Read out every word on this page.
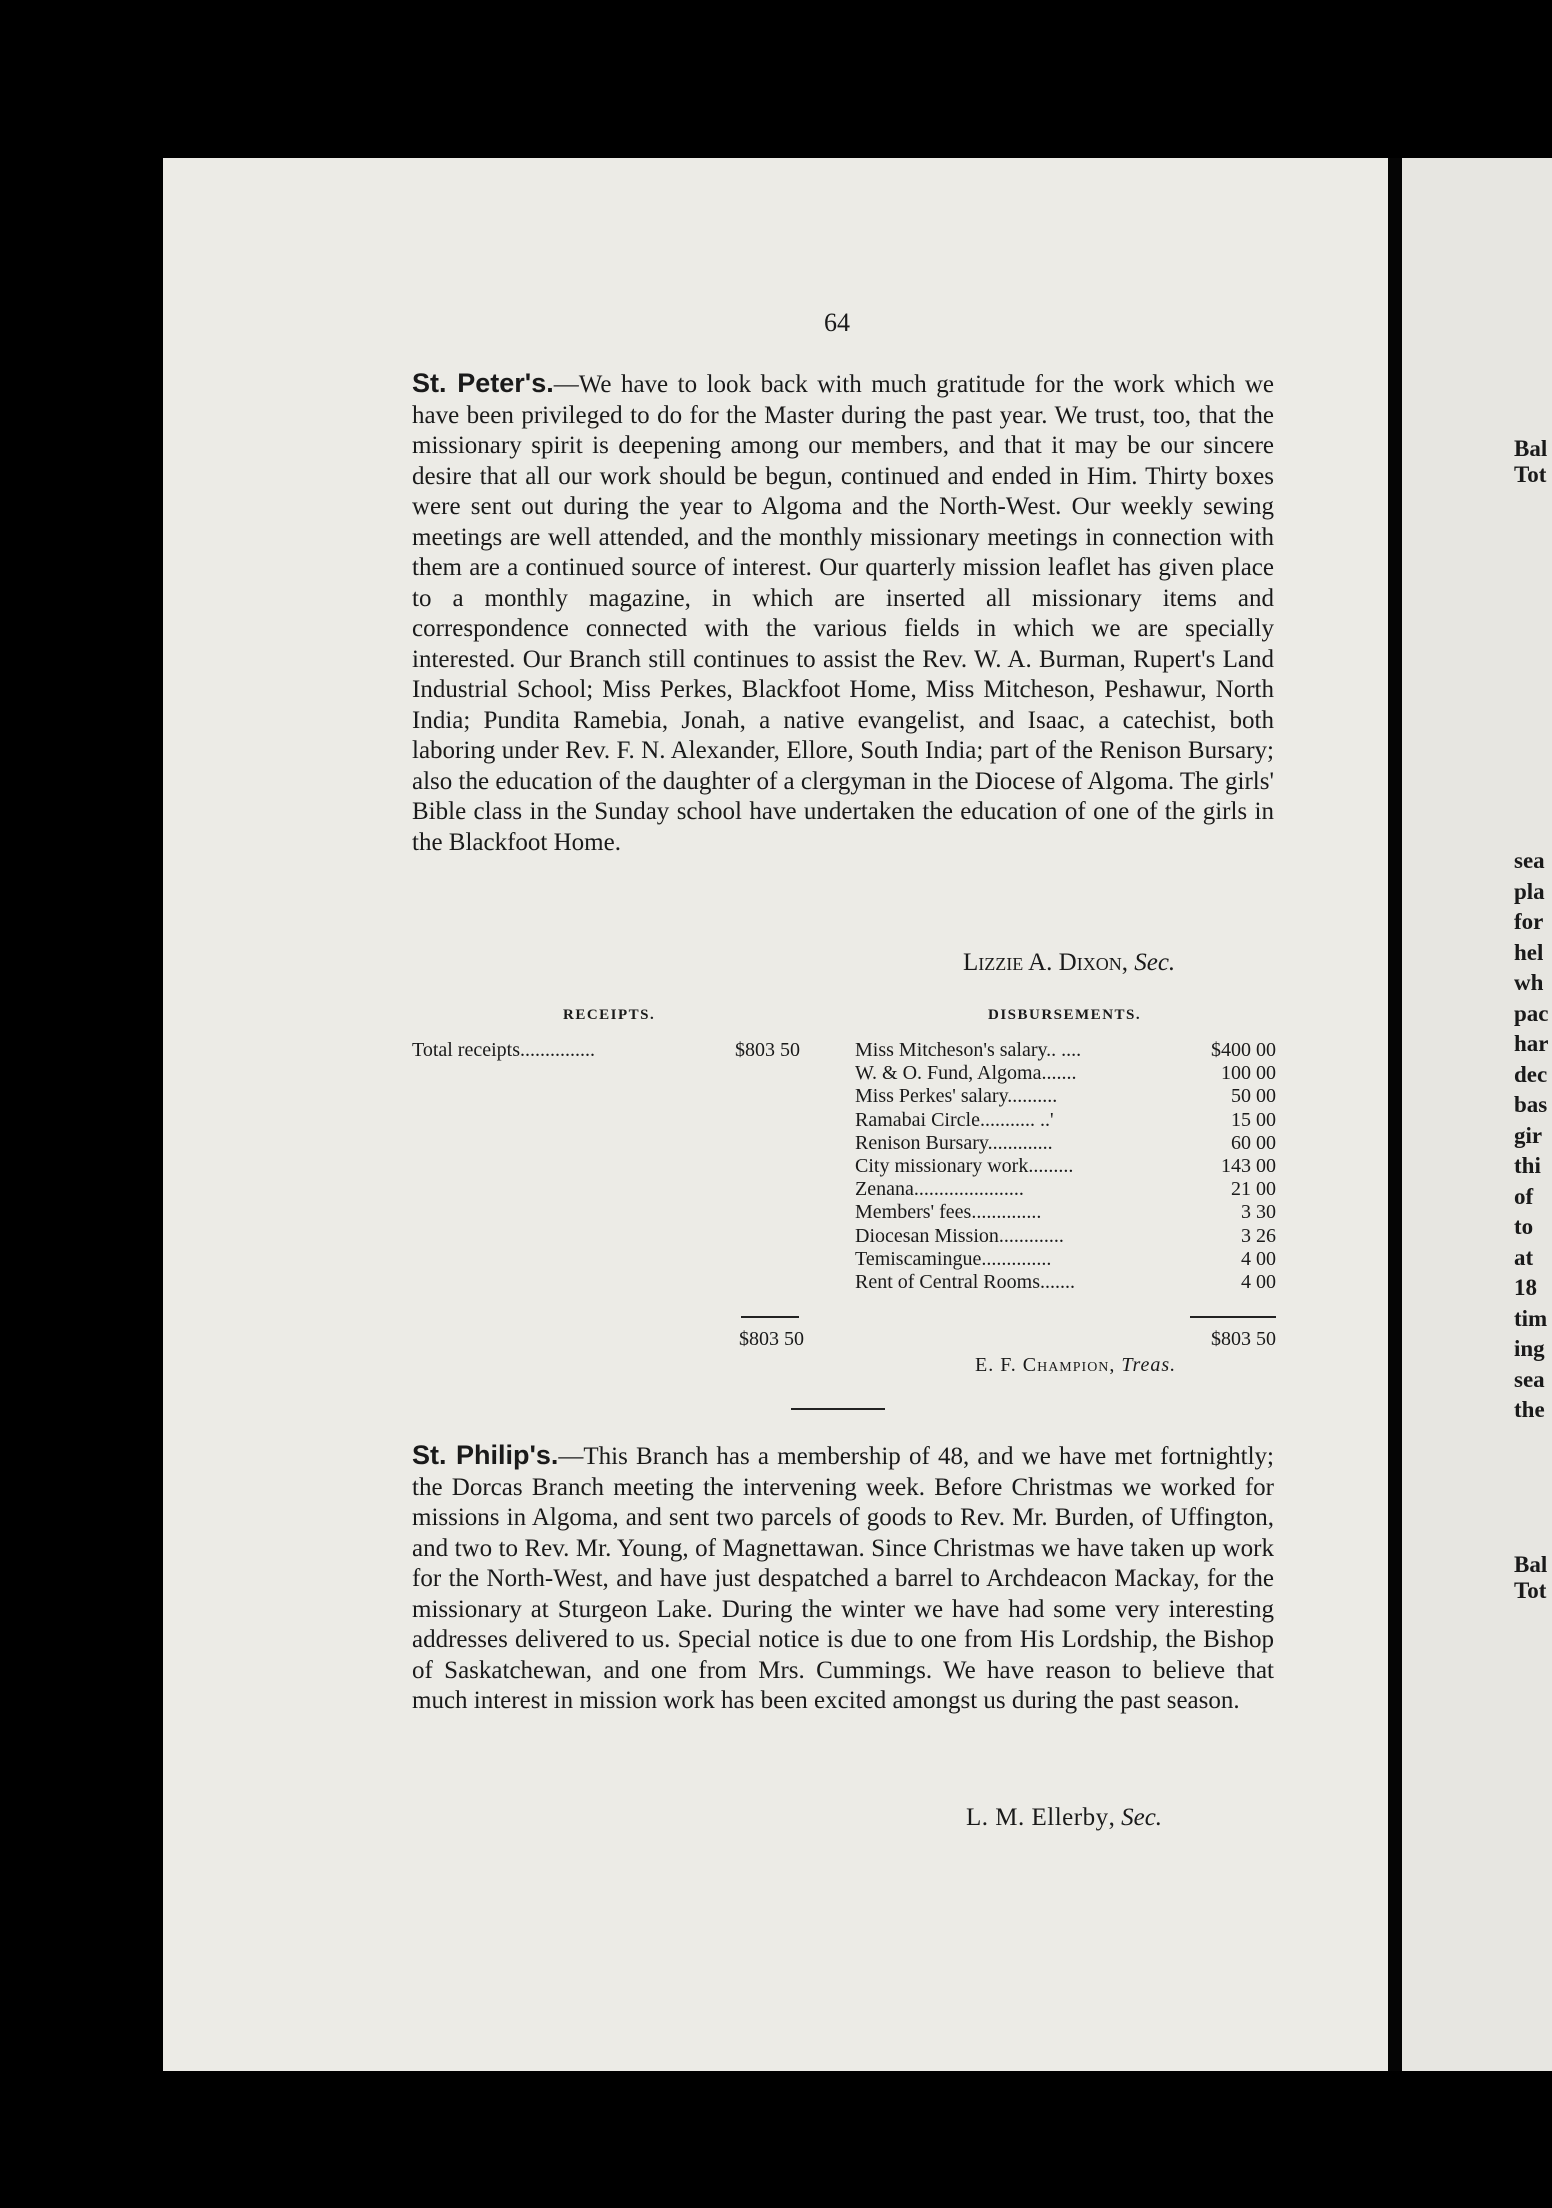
64

St. Peter's.—We have to look back with much gratitude for the work which we have been privileged to do for the Master during the past year. We trust, too, that the missionary spirit is deepening among our members, and that it may be our sincere desire that all our work should be begun, continued and ended in Him. Thirty boxes were sent out during the year to Algoma and the North-West. Our weekly sewing meetings are well attended, and the monthly missionary meetings in connection with them are a continued source of interest. Our quarterly mission leaflet has given place to a monthly magazine, in which are inserted all missionary items and correspondence connected with the various fields in which we are specially interested. Our Branch still continues to assist the Rev. W. A. Burman, Rupert's Land Industrial School; Miss Perkes, Blackfoot Home, Miss Mitcheson, Peshawur, North India; Pundita Ramebia, Jonah, a native evangelist, and Isaac, a catechist, both laboring under Rev. F. N. Alexander, Ellore, South India; part of the Renison Bursary; also the education of the daughter of a clergyman in the Diocese of Algoma. The girls' Bible class in the Sunday school have undertaken the education of one of the girls in the Blackfoot Home.

Lizzie A. Dixon, Sec.
RECEIPTS.	DISBURSEMENTS.
Total receipts...............	$803 50	Miss Mitcheson's salary.. ....	$400 00
W. & O. Fund, Algoma.......	100 00
Miss Perkes' salary..........	50 00
Ramabai Circle........... ..'	15 00
Renison Bursary.............	60 00
City missionary work.........	143 00
Zenana......................	21 00
Members' fees..............	3 30
Diocesan Mission.............	3 26
Temiscamingue..............	4 00
Rent of Central Rooms.......	4 00
$803 50	$803 50
E. F. Champion, Treas.

St. Philip's.—This Branch has a membership of 48, and we have met fortnightly; the Dorcas Branch meeting the intervening week. Before Christmas we worked for missions in Algoma, and sent two parcels of goods to Rev. Mr. Burden, of Uffington, and two to Rev. Mr. Young, of Magnettawan. Since Christmas we have taken up work for the North-West, and have just despatched a barrel to Archdeacon Mackay, for the missionary at Sturgeon Lake. During the winter we have had some very interesting addresses delivered to us. Special notice is due to one from His Lordship, the Bishop of Saskatchewan, and one from Mrs. Cummings. We have reason to believe that much interest in mission work has been excited amongst us during the past season.

L. M. Ellerby, Sec.
Bal
Tot
sea
pla
for
hel
wh
pac
har
dec
bas
gir
thi
of
to
at
18
tim
ing
sea
the
Bal
Tot
